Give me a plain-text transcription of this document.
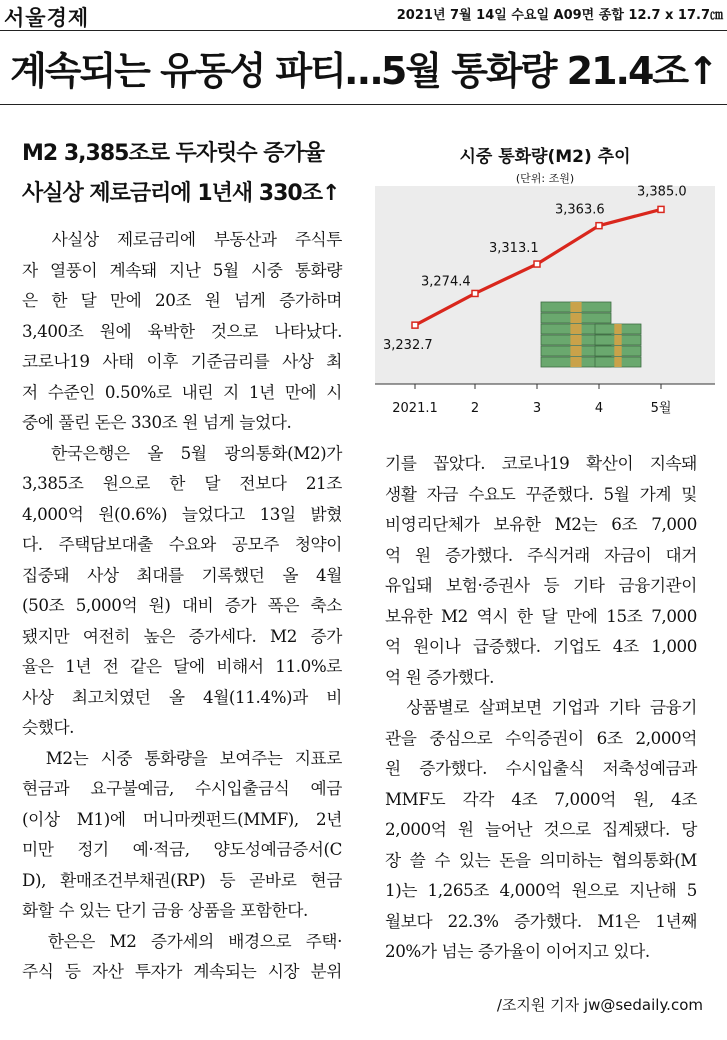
서울경제	2021년 7월 14일 수요일 A09면 종합 12.7 x 17.7㎝
계속되는 유동성 파티…5월 통화량 21.4조↑
M2 3,385조로 두자릿수 증가율
사실상 제로금리에 1년새 330조↑

　사실상 제로금리에 부동산과 주식투

자 열풍이 계속돼 지난 5월 시중 통화량

은 한 달 만에 20조 원 넘게 증가하며

3,400조 원에 육박한 것으로 나타났다.

코로나19 사태 이후 기준금리를 사상 최

저 수준인 0.50%로 내린 지 1년 만에 시

중에 풀린 돈은 330조 원 넘게 늘었다.

　한국은행은 올 5월 광의통화(M2)가

3,385조 원으로 한 달 전보다 21조

4,000억 원(0.6%) 늘었다고 13일 밝혔

다. 주택담보대출 수요와 공모주 청약이

집중돼 사상 최대를 기록했던 올 4월

(50조 5,000억 원) 대비 증가 폭은 축소

됐지만 여전히 높은 증가세다. M2 증가

율은 1년 전 같은 달에 비해서 11.0%로

사상 최고치였던 올 4월(11.4%)과 비

슷했다.

　M2는 시중 통화량을 보여주는 지표로

현금과 요구불예금, 수시입출금식 예금

(이상 M1)에 머니마켓펀드(MMF), 2년

미만 정기 예·적금, 양도성예금증서(C

D), 환매조건부채권(RP) 등 곧바로 현금

화할 수 있는 단기 금융 상품을 포함한다.

　한은은 M2 증가세의 배경으로 주택·

주식 등 자산 투자가 계속되는 시장 분위

시중 통화량(M2) 추이
(단위: 조원)
3,232.7
2021.1
3,274.4
2
3,313.1
3
3,363.6
4
3,385.0
5월

기를 꼽았다. 코로나19 확산이 지속돼

생활 자금 수요도 꾸준했다. 5월 가계 및

비영리단체가 보유한 M2는 6조 7,000

억 원 증가했다. 주식거래 자금이 대거

유입돼 보험·증권사 등 기타 금융기관이

보유한 M2 역시 한 달 만에 15조 7,000

억 원이나 급증했다. 기업도 4조 1,000

억 원 증가했다.

　상품별로 살펴보면 기업과 기타 금융기

관을 중심으로 수익증권이 6조 2,000억

원 증가했다. 수시입출식 저축성예금과

MMF도 각각 4조 7,000억 원, 4조

2,000억 원 늘어난 것으로 집계됐다. 당

장 쓸 수 있는 돈을 의미하는 협의통화(M

1)는 1,265조 4,000억 원으로 지난해 5

월보다 22.3% 증가했다. M1은 1년째

20%가 넘는 증가율이 이어지고 있다.

/조지원 기자 jw@sedaily.com
